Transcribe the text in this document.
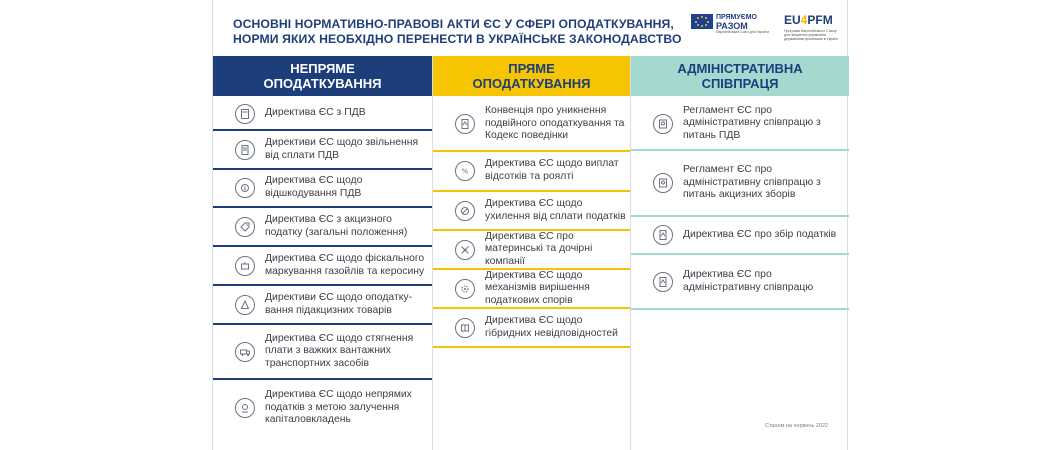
ОСНОВНІ НОРМАТИВНО-ПРАВОВІ АКТИ ЄС У СФЕРІ ОПОДАТКУВАННЯ,
НОРМИ ЯКИХ НЕОБХІДНО ПЕРЕНЕСТИ В УКРАЇНСЬКЕ ЗАКОНОДАВСТВО
ПРЯМУЄМО
РАЗОМ
Європейський Союз для України
EU4PFM
Програма Європейського Союзу для зміцнення управління державними фінансами в Україні
НЕПРЯМЕ ОПОДАТКУВАННЯ
Директива ЄС з ПДВ
Директиви ЄС щодо звільнення від сплати ПДВ
$
Директива ЄС щодо відшкодування ПДВ
Директива ЄС з акцизного податку (загальні положення)
Директива ЄС щодо фіскального маркування газойлів та керосину
Директиви ЄС щодо оподатку-вання підакцизних товарів
Директива ЄС щодо стягнення плати з важких вантажних транспортних засобів
Директива ЄС щодо непрямих податків з метою залучення капіталовкладень
ПРЯМЕ ОПОДАТКУВАННЯ
Конвенція про уникнення подвійного оподаткування та Кодекс поведінки
%
Директива ЄС щодо виплат відсотків та роялті
Директива ЄС щодо ухилення від сплати податків
Директива ЄС про материнські та дочірні компанії
Директива ЄС щодо механізмів вирішення податкових спорів
Директива ЄС щодо гібридних невідповідностей
АДМІНІСТРАТИВНА СПІВПРАЦЯ
Регламент ЄС про адміністративну співпрацю з питань ПДВ
Регламент ЄС про адміністративну співпрацю з питань акцизних зборів
Директива ЄС про збір податків
Директива ЄС про адміністративну співпрацю
Станом на червень 2022
